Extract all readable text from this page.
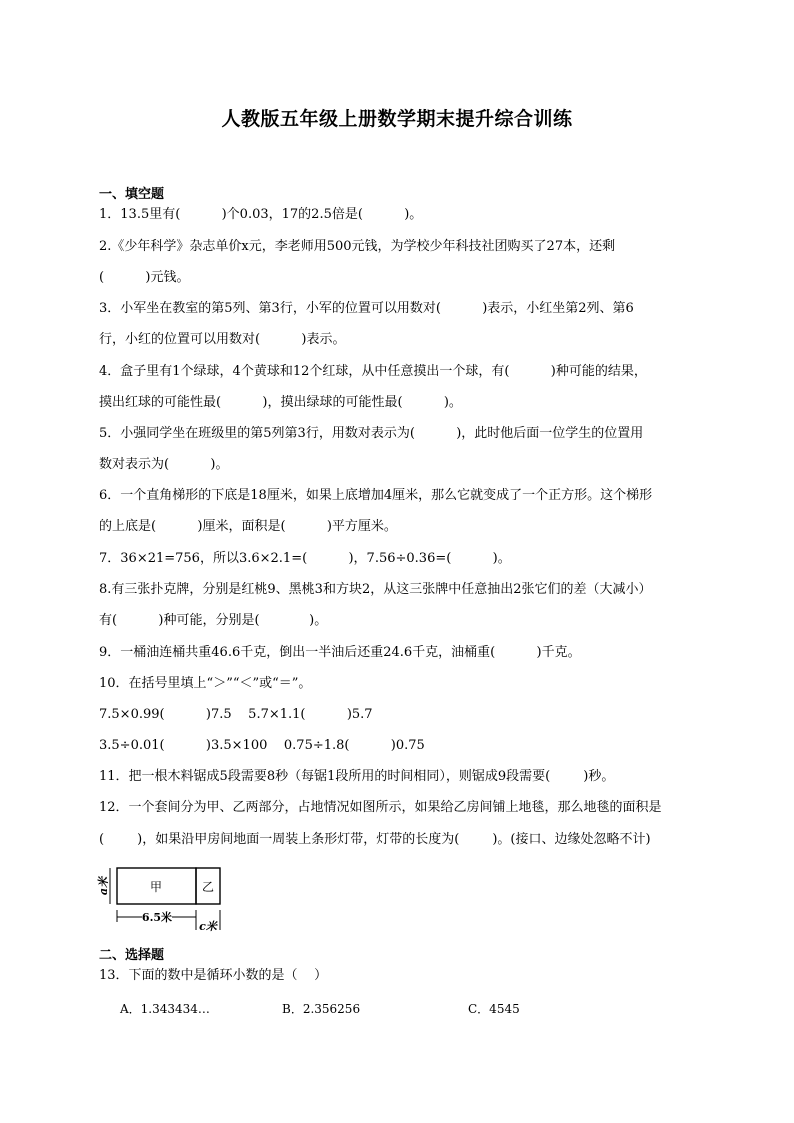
人教版五年级上册数学期末提升综合训练
一、填空题
1．13.5里有(          )个0.03，17的2.5倍是(          )。
2.《少年科学》杂志单价x元，李老师用500元钱，为学校少年科技社团购买了27本，还剩
(          )元钱。
3．小军坐在教室的第5列、第3行，小军的位置可以用数对(          )表示，小红坐第2列、第6
行，小红的位置可以用数对(          )表示。
4．盒子里有1个绿球，4个黄球和12个红球，从中任意摸出一个球，有(          )种可能的结果，
摸出红球的可能性最(          )，摸出绿球的可能性最(          )。
5．小强同学坐在班级里的第5列第3行，用数对表示为(          )，此时他后面一位学生的位置用
数对表示为(          )。
6．一个直角梯形的下底是18厘米，如果上底增加4厘米，那么它就变成了一个正方形。这个梯形
的上底是(          )厘米，面积是(          )平方厘米。
7．36×21=756，所以3.6×2.1=(          )，7.56÷0.36=(          )。
8.有三张扑克牌，分别是红桃9、黑桃3和方块2，从这三张牌中任意抽出2张它们的差（大减小）
有(          )种可能，分别是(            )。
9．一桶油连桶共重46.6千克，倒出一半油后还重24.6千克，油桶重(          )千克。
10．在括号里填上“＞”“＜”或“＝”。
7.5×0.99(          )7.5    5.7×1.1(          )5.7
3.5÷0.01(          )3.5×100    0.75÷1.8(          )0.75
11．把一根木料锯成5段需要8秒（每锯1段所用的时间相同），则锯成9段需要(        )秒。
12．一个套间分为甲、乙两部分，占地情况如图所示，如果给乙房间铺上地毯，那么地毯的面积是
(        )，如果沿甲房间地面一周装上条形灯带，灯带的长度为(        )。(接口、边缘处忽略不计)
甲	乙
a米
6.5米
c米
二、选择题
13．下面的数中是循环小数的是（    ）
A．1.343434…	B．2.356256	C．4545
